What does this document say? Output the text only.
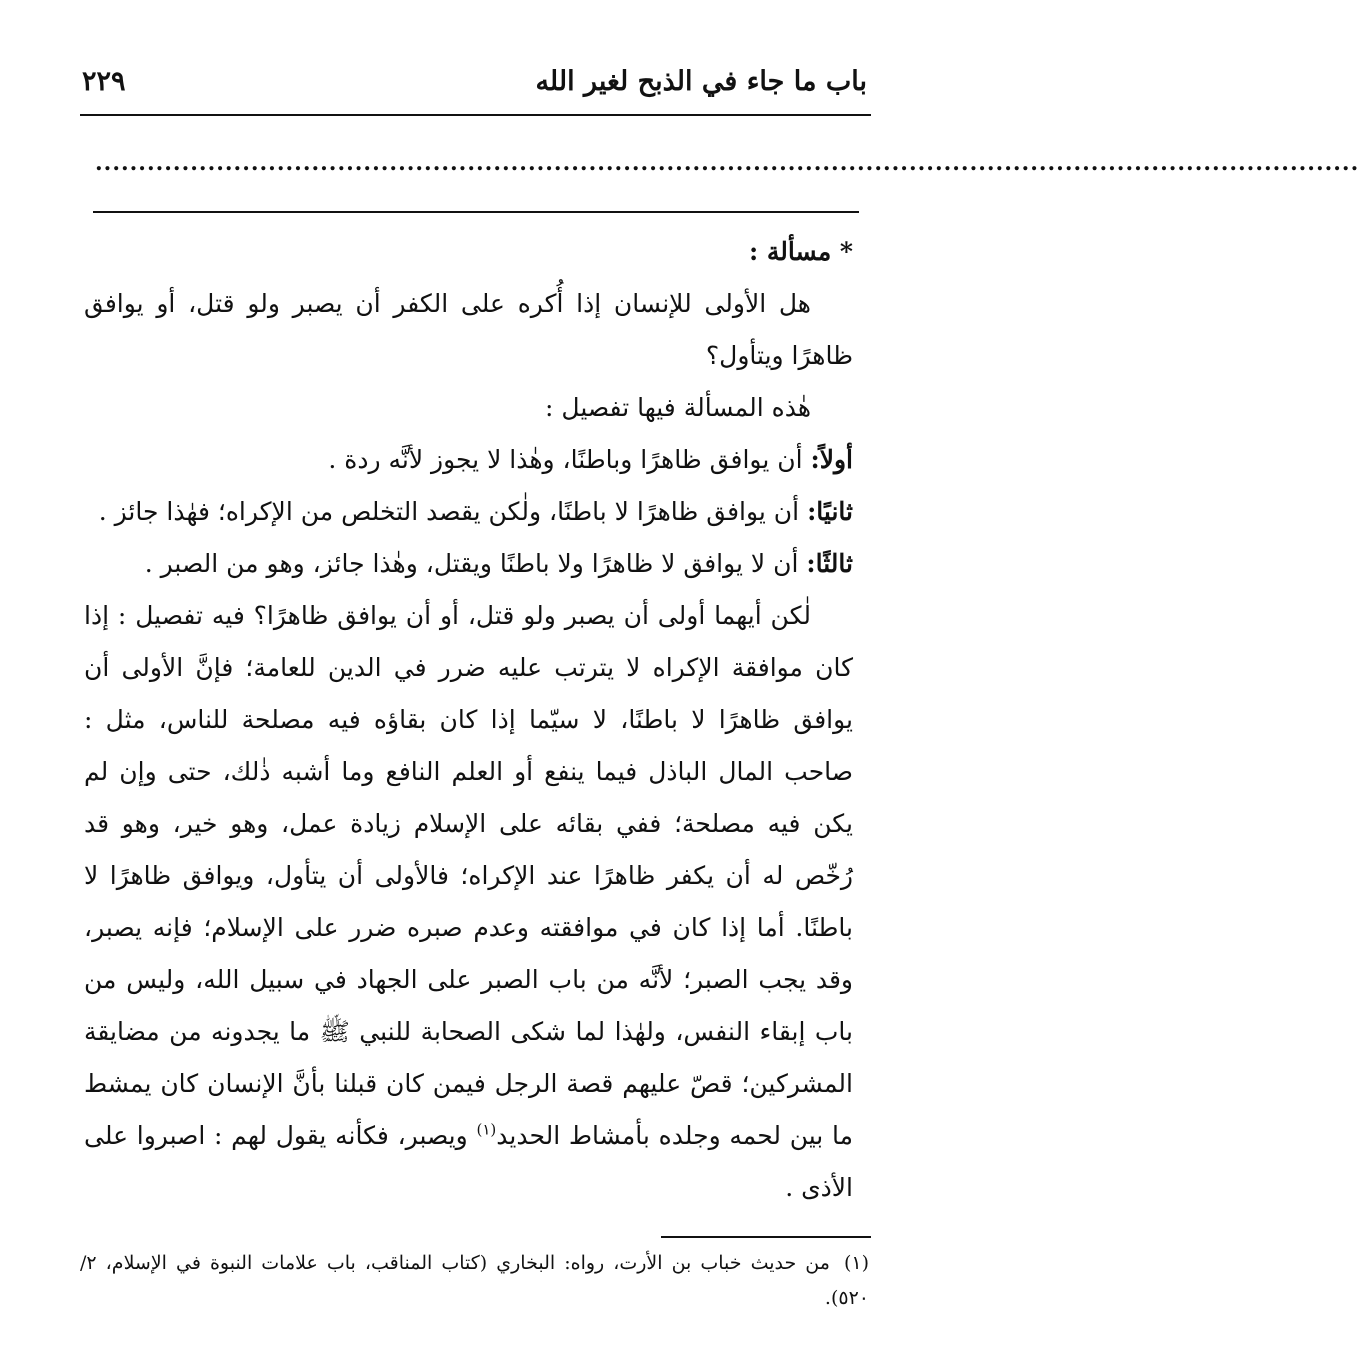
باب ما جاء في الذبح لغير الله
٢٢٩
..................................................................................................................................................

* مسألة :

هل الأولى للإنسان إذا أُكره على الكفر أن يصبر ولو قتل، أو يوافق ظاهرًا ويتأول؟

هٰذه المسألة فيها تفصيل :

أولاً: أن يوافق ظاهرًا وباطنًا، وهٰذا لا يجوز لأنَّه ردة .

ثانيًا: أن يوافق ظاهرًا لا باطنًا، ولٰكن يقصد التخلص من الإكراه؛ فهٰذا جائز .

ثالثًا: أن لا يوافق لا ظاهرًا ولا باطنًا ويقتل، وهٰذا جائز، وهو من الصبر .

لٰكن أيهما أولى أن يصبر ولو قتل، أو أن يوافق ظاهرًا؟ فيه تفصيل : إذا كان موافقة الإكراه لا يترتب عليه ضرر في الدين للعامة؛ فإنَّ الأولى أن يوافق ظاهرًا لا باطنًا، لا سيّما إذا كان بقاؤه فيه مصلحة للناس، مثل : صاحب المال الباذل فيما ينفع أو العلم النافع وما أشبه ذٰلك، حتى وإن لم يكن فيه مصلحة؛ ففي بقائه على الإسلام زيادة عمل، وهو خير، وهو قد رُخّص له أن يكفر ظاهرًا عند الإكراه؛ فالأولى أن يتأول، ويوافق ظاهرًا لا باطنًا. أما إذا كان في موافقته وعدم صبره ضرر على الإسلام؛ فإنه يصبر، وقد يجب الصبر؛ لأنَّه من باب الصبر على الجهاد في سبيل الله، وليس من باب إبقاء النفس، ولهٰذا لما شكى الصحابة للنبي ﷺ ما يجدونه من مضايقة المشركين؛ قصّ عليهم قصة الرجل فيمن كان قبلنا بأنَّ الإنسان كان يمشط ما بين لحمه وجلده بأمشاط الحديد$^{(١)}$ ويصبر، فكأنه يقول لهم : اصبروا على الأذى .

(١)من حديث خباب بن الأرت، رواه: البخاري (كتاب المناقب، باب علامات النبوة في الإسلام، ٢/ ٥٢٠).
